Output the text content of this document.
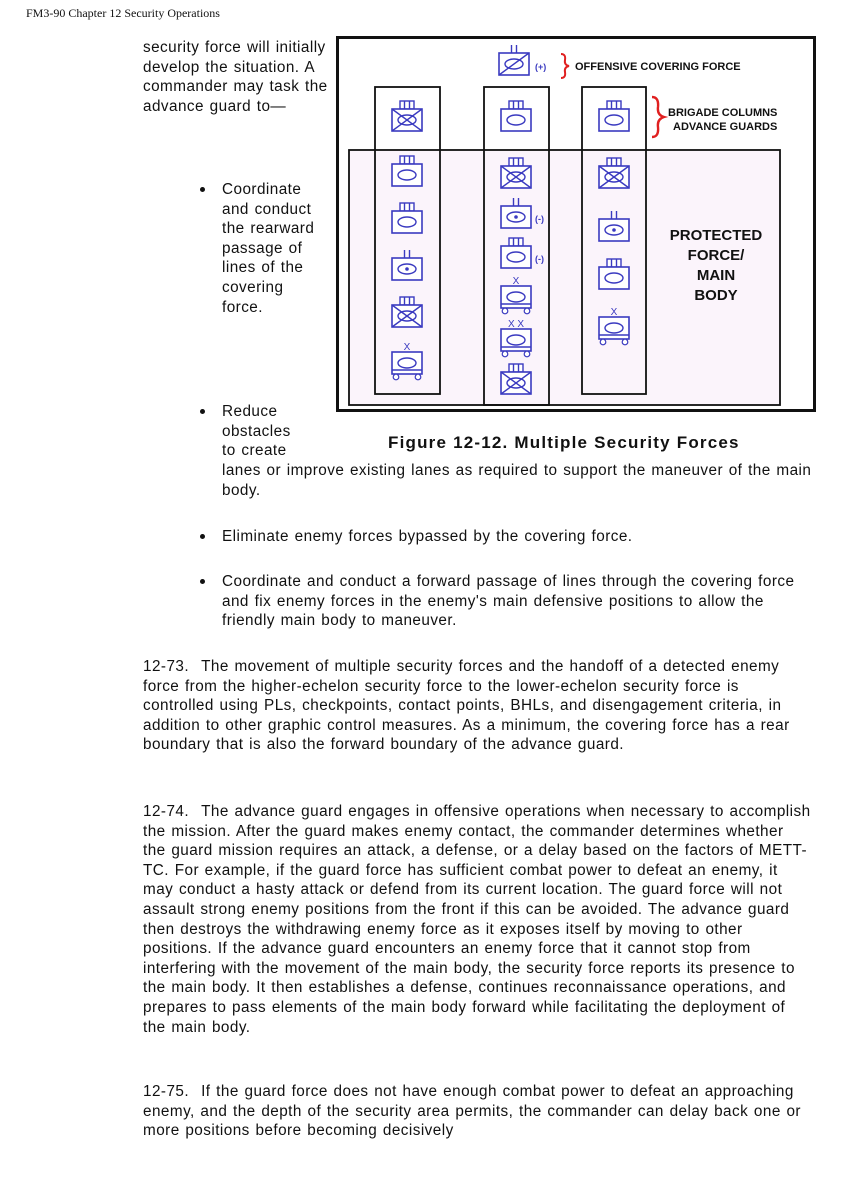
FM3-90 Chapter 12 Security Operations
security force will initially develop the situation. A commander may task the advance guard to—
Coordinate and conduct the rearward passage of lines of the covering force.
Reduce obstacles to create
lanes or improve existing lanes as required to support the maneuver of the main body.
Eliminate enemy forces bypassed by the covering force.
Coordinate and conduct a forward passage of lines through the covering force and fix enemy forces in the enemy's main defensive positions to allow the friendly main body to maneuver.
(+)	OFFENSIVE COVERING FORCE
BRIGADE COLUMNS
ADVANCE GUARDS
PROTECTED
FORCE/
MAIN
BODY
(-)
(-)
Figure 12-12. Multiple Security Forces
12-73. The movement of multiple security forces and the handoff of a detected enemy force from the higher-echelon security force to the lower-echelon security force is controlled using PLs, checkpoints, contact points, BHLs, and disengagement criteria, in addition to other graphic control measures. As a minimum, the covering force has a rear boundary that is also the forward boundary of the advance guard.
12-74. The advance guard engages in offensive operations when necessary to accomplish the mission. After the guard makes enemy contact, the commander determines whether the guard mission requires an attack, a defense, or a delay based on the factors of METT-TC. For example, if the guard force has sufficient combat power to defeat an enemy, it may conduct a hasty attack or defend from its current location. The guard force will not assault strong enemy positions from the front if this can be avoided. The advance guard then destroys the withdrawing enemy force as it exposes itself by moving to other positions. If the advance guard encounters an enemy force that it cannot stop from interfering with the movement of the main body, the security force reports its presence to the main body. It then establishes a defense, continues reconnaissance operations, and prepares to pass elements of the main body forward while facilitating the deployment of the main body.
12-75. If the guard force does not have enough combat power to defeat an approaching enemy, and the depth of the security area permits, the commander can delay back one or more positions before becoming decisively
